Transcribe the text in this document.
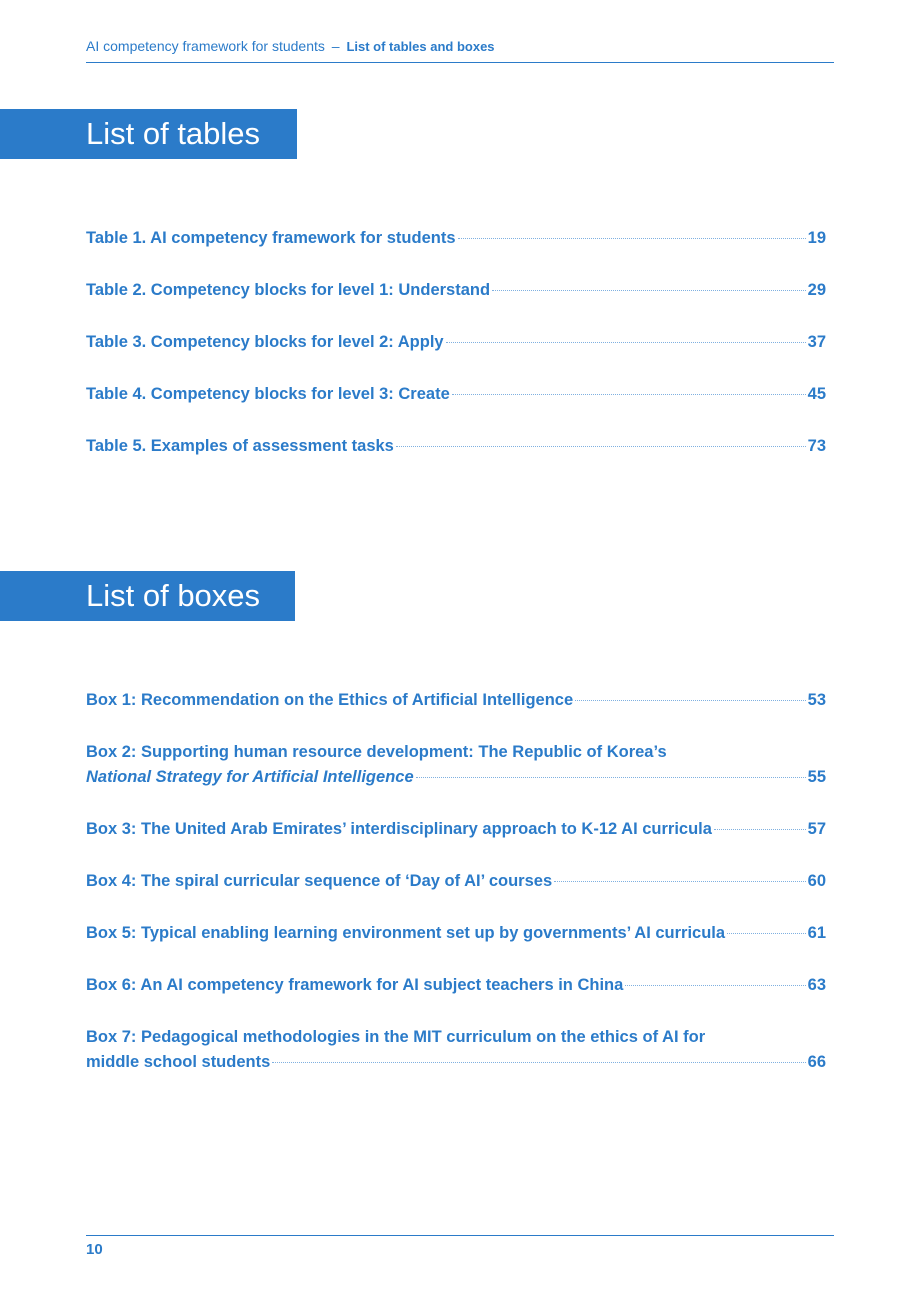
AI competency framework for students – List of tables and boxes
List of tables
Table 1. AI competency framework for students	19
Table 2. Competency blocks for level 1: Understand	29
Table 3. Competency blocks for level 2: Apply	37
Table 4. Competency blocks for level 3: Create	45
Table 5. Examples of assessment tasks	73
List of boxes
Box 1: Recommendation on the Ethics of Artificial Intelligence	53
Box 2: Supporting human resource development: The Republic of Korea’s
National Strategy for Artificial Intelligence	55
Box 3: The United Arab Emirates’ interdisciplinary approach to K-12 AI curricula	57
Box 4: The spiral curricular sequence of ‘Day of AI’ courses	60
Box 5: Typical enabling learning environment set up by governments’ AI curricula	61
Box 6: An AI competency framework for AI subject teachers in China	63
Box 7: Pedagogical methodologies in the MIT curriculum on the ethics of AI for
middle school students	66
10
